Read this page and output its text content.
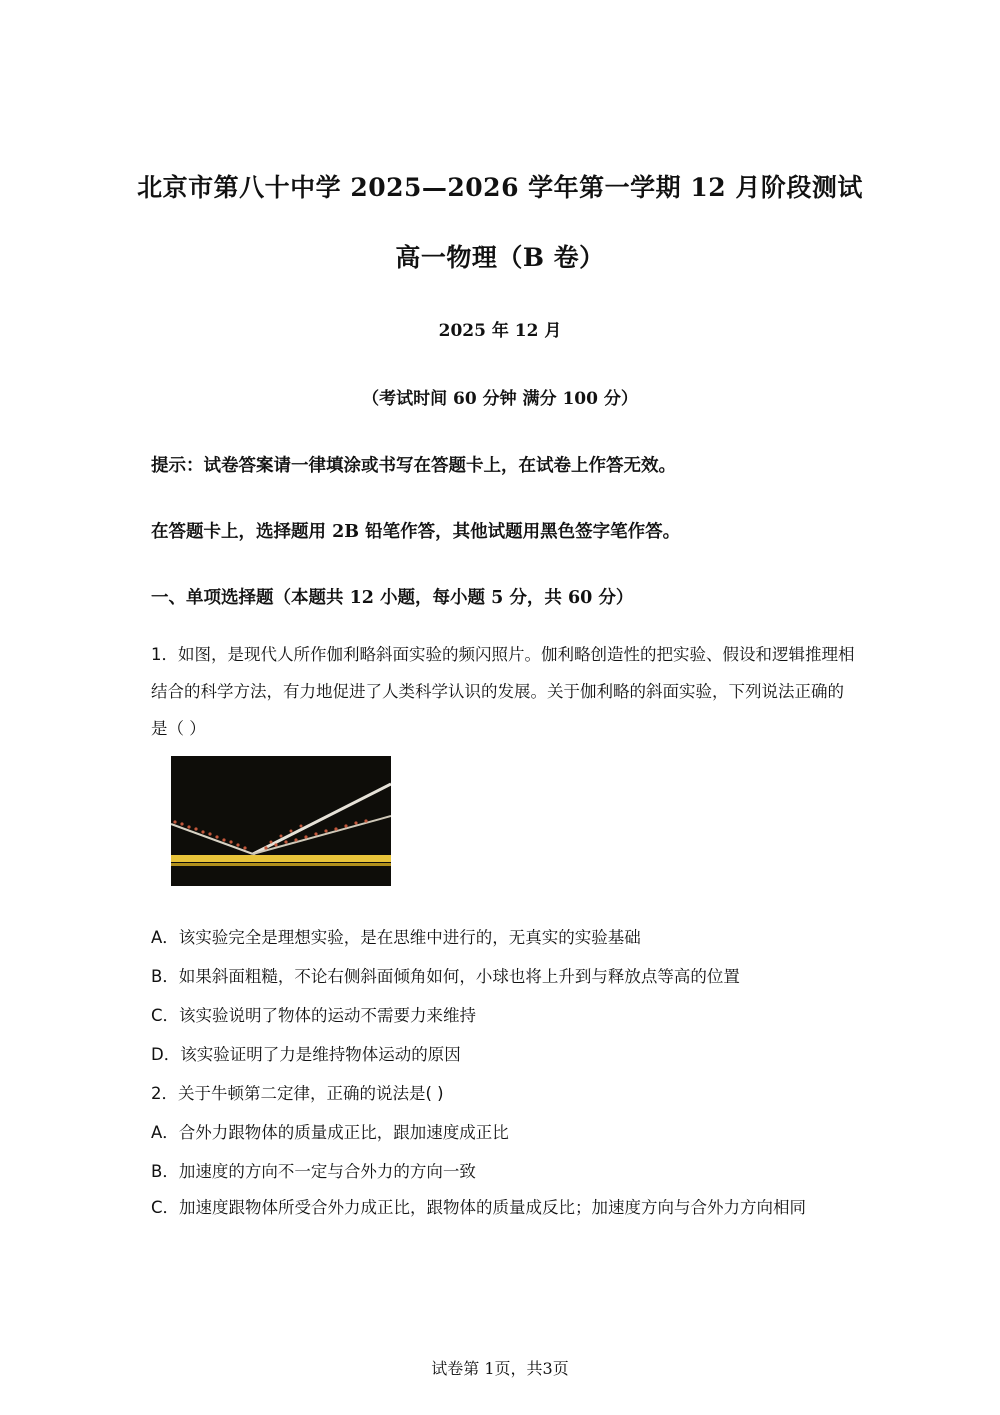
北京市第八十中学 2025—2026 学年第一学期 12 月阶段测试
高一物理（B 卷）
2025 年 12 月
（考试时间 60 分钟 满分 100 分）
提示：试卷答案请一律填涂或书写在答题卡上，在试卷上作答无效。
在答题卡上，选择题用 2B 铅笔作答，其他试题用黑色签字笔作答。
一、单项选择题（本题共 12 小题，每小题 5 分，共 60 分）
1．如图，是现代人所作伽利略斜面实验的频闪照片。伽利略创造性的把实验、假设和逻辑推理相结合的科学方法，有力地促进了人类科学认识的发展。关于伽利略的斜面实验，下列说法正确的是（ ）
A．该实验完全是理想实验，是在思维中进行的，无真实的实验基础
B．如果斜面粗糙，不论右侧斜面倾角如何，小球也将上升到与释放点等高的位置
C．该实验说明了物体的运动不需要力来维持
D．该实验证明了力是维持物体运动的原因
2．关于牛顿第二定律，正确的说法是( )
A．合外力跟物体的质量成正比，跟加速度成正比
B．加速度的方向不一定与合外力的方向一致
C．加速度跟物体所受合外力成正比，跟物体的质量成反比；加速度方向与合外力方向相同
试卷第 1页，共3页
